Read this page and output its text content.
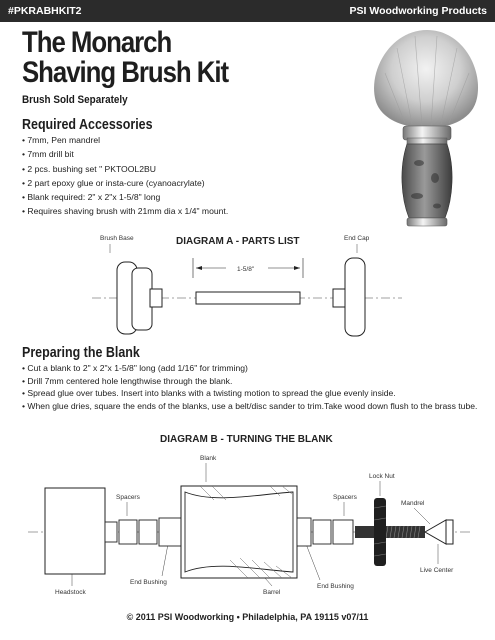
#PKRABHKIT2	PSI Woodworking Products
The Monarch
Shaving Brush Kit
Brush Sold Separately
Required Accessories
• 7mm, Pen mandrel
• 7mm drill bit
• 2 pcs. bushing set " PKTOOL2BU
• 2 part epoxy glue or insta-cure (cyanoacrylate)
• Blank required: 2" x 2"x 1-5/8" long
• Requires shaving brush with 21mm dia x 1/4" mount.
DIAGRAM A - PARTS LIST
Brush Base	End Cap
1-5/8"
Preparing the Blank
• Cut a blank to 2" x 2"x 1-5/8" long (add 1/16" for trimming)
• Drill 7mm centered hole lengthwise through the blank.
• Spread glue over tubes. Insert into blanks with a twisting motion to spread the glue evenly inside.
• When glue dries, square the ends of the blanks, use a belt/disc sander to trim.Take wood down flush to the brass tube.
DIAGRAM B - TURNING THE BLANK
Blank
Lock Nut
Spacers	Spacers
Mandrel
Live Center
End Bushing
End Bushing
Headstock	Barrel
© 2011 PSI Woodworking • Philadelphia, PA 19115 v07/11
